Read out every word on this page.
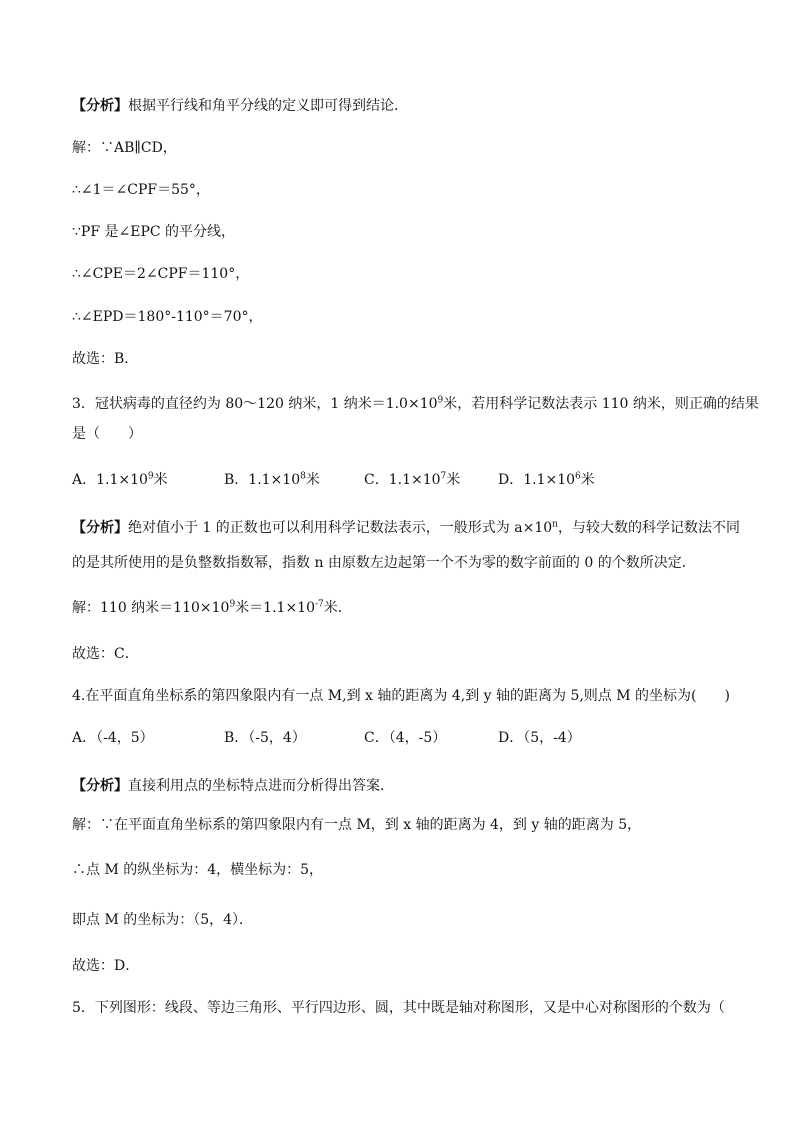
【分析】根据平行线和角平分线的定义即可得到结论．
解：∵AB∥CD，
∴∠1＝∠CPF＝55°，
∵PF 是∠EPC 的平分线，
∴∠CPE＝2∠CPF＝110°，
∴∠EPD＝180°-110°＝70°，
故选：B．
3．冠状病毒的直径约为 80～120 纳米，1 纳米$=1.0\times 10^9$米，若用科学记数法表示 110 纳米，则正确的结果
是（　　）
A．$1.1\times 10^9$米	B．$1.1\times 10^8$米	C．$1.1\times 10^7$米	D．$1.1\times 10^6$米
【分析】绝对值小于 1 的正数也可以利用科学记数法表示，一般形式为 $a\times 10^n$，与较大数的科学记数法不同
的是其所使用的是负整数指数幂，指数 n 由原数左边起第一个不为零的数字前面的 0 的个数所决定．
解：110 纳米$=110\times 10^9$米$=1.1\times 10^{-7}$米．
故选：C．
4.在平面直角坐标系的第四象限内有一点 M,到 x 轴的距离为 4,到 y 轴的距离为 5,则点 M 的坐标为(　　)
A．（-4，5）	B．（-5，4）	C．（4，-5）	D．（5，-4）
【分析】直接利用点的坐标特点进而分析得出答案．
解：∵在平面直角坐标系的第四象限内有一点 M，到 x 轴的距离为 4，到 y 轴的距离为 5，
∴点 M 的纵坐标为：4，横坐标为：5，
即点 M 的坐标为：（5，4）．
故选：D．
5．下列图形：线段、等边三角形、平行四边形、圆，其中既是轴对称图形，又是中心对称图形的个数为（
